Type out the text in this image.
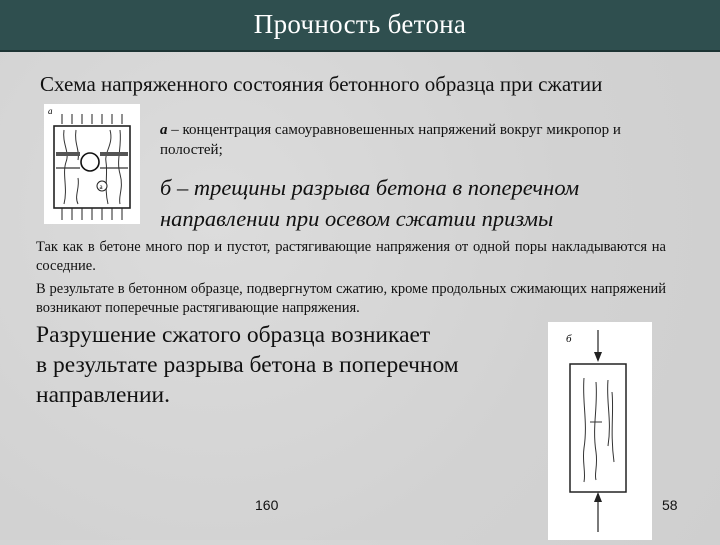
Прочность бетона
Схема напряженного состояния бетонного образца при сжатии
а
а
а – концентрация самоуравновешенных напряжений вокруг микропор и полостей;
б – трещины разрыва бетона в поперечном
направлении при осевом сжатии призмы
Так как в бетоне много пор и пустот, растягивающие напряжения от одной поры накладываются на соседние.
В результате в бетонном образце, подвергнутом сжатию, кроме продольных сжимающих напряжений возникают поперечные растягивающие напряжения.
Разрушение сжатого образца возникает
в результате разрыва бетона в поперечном
направлении.
б
160	58
